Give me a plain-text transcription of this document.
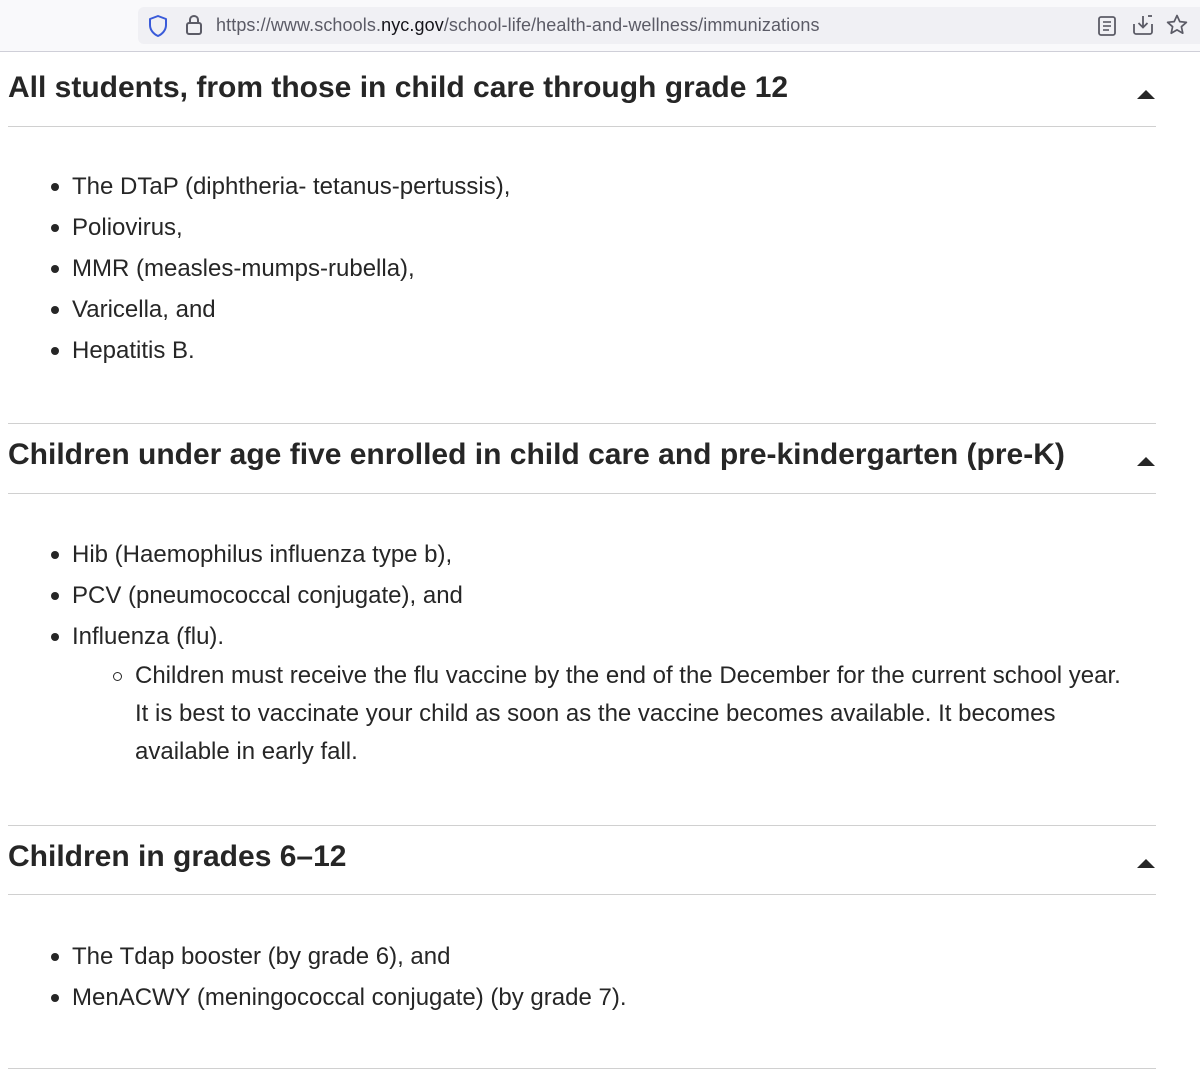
https://www.schools.nyc.gov/school-life/health-and-wellness/immunizations
All students, from those in child care through grade 12
The DTaP (diphtheria- tetanus-pertussis),
Poliovirus,
MMR (measles-mumps-rubella),
Varicella, and
Hepatitis B.
Children under age five enrolled in child care and pre-kindergarten (pre-K)
Hib (Haemophilus influenza type b),
PCV (pneumococcal conjugate), and
Influenza (flu).
Children must receive the flu vaccine by the end of the December for the current school year. It is best to vaccinate your child as soon as the vaccine becomes available. It becomes available in early fall.
Children in grades 6–12
The Tdap booster (by grade 6), and
MenACWY (meningococcal conjugate) (by grade 7).
